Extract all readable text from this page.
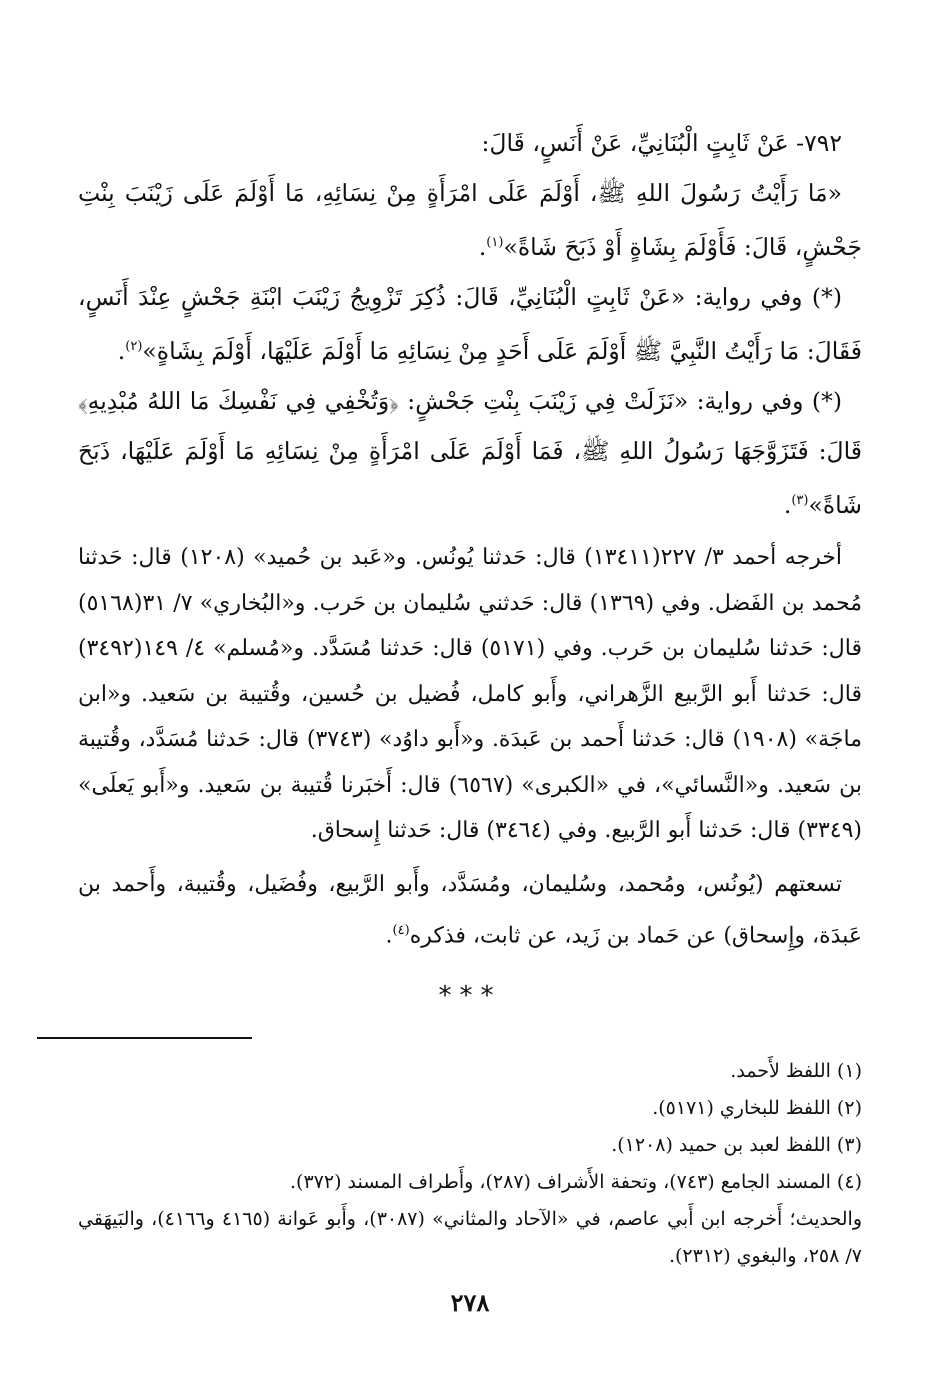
٧٩٢- عَنْ ثَابِتٍ الْبُنَانِيِّ، عَنْ أَنَسٍ، قَالَ:

«مَا رَأَيْتُ رَسُولَ اللهِ ﷺ، أَوْلَمَ عَلَى امْرَأَةٍ مِنْ نِسَائِهِ، مَا أَوْلَمَ عَلَى زَيْنَبَ بِنْتِ جَحْشٍ، قَالَ: فَأَوْلَمَ بِشَاةٍ أَوْ ذَبَحَ شَاةً»$^{(١)}$.

(*) وفي رواية: «عَنْ ثَابِتٍ الْبُنَانِيِّ، قَالَ: ذُكِرَ تَزْوِيجُ زَيْنَبَ ابْنَةِ جَحْشٍ عِنْدَ أَنَسٍ، فَقَالَ: مَا رَأَيْتُ النَّبِيَّ ﷺ أَوْلَمَ عَلَى أَحَدٍ مِنْ نِسَائِهِ مَا أَوْلَمَ عَلَيْهَا، أَوْلَمَ بِشَاةٍ»$^{(٢)}$.

(*) وفي رواية: «نَزَلَتْ فِي زَيْنَبَ بِنْتِ جَحْشٍ: ﴿وَتُخْفِي فِي نَفْسِكَ مَا اللهُ مُبْدِيهِ﴾ قَالَ: فَتَزَوَّجَهَا رَسُولُ اللهِ ﷺ، فَمَا أَوْلَمَ عَلَى امْرَأَةٍ مِنْ نِسَائِهِ مَا أَوْلَمَ عَلَيْهَا، ذَبَحَ شَاةً»$^{(٣)}$.

أخرجه أحمد ٣/ ٢٢٧(١٣٤١١) قال: حَدثنا يُونُس. و«عَبد بن حُميد» (١٢٠٨) قال: حَدثنا مُحمد بن الفَضل. وفي (١٣٦٩) قال: حَدثني سُليمان بن حَرب. و«البُخاري» ٧/ ٣١(٥١٦٨) قال: حَدثنا سُليمان بن حَرب. وفي (٥١٧١) قال: حَدثنا مُسَدَّد. و«مُسلم» ٤/ ١٤٩(٣٤٩٢) قال: حَدثنا أَبو الرَّبيع الزَّهراني، وأَبو كامل، فُضيل بن حُسين، وقُتيبة بن سَعيد. و«ابن ماجَة» (١٩٠٨) قال: حَدثنا أَحمد بن عَبدَة. و«أَبو داوُد» (٣٧٤٣) قال: حَدثنا مُسَدَّد، وقُتيبة بن سَعيد. و«النَّسائي»، في «الكبرى» (٦٥٦٧) قال: أَخبَرنا قُتيبة بن سَعيد. و«أَبو يَعلَى» (٣٣٤٩) قال: حَدثنا أَبو الرَّبيع. وفي (٣٤٦٤) قال: حَدثنا إِسحاق.

تسعتهم (يُونُس، ومُحمد، وسُليمان، ومُسَدَّد، وأَبو الرَّبيع، وفُضَيل، وقُتيبة، وأَحمد بن عَبدَة، وإِسحاق) عن حَماد بن زَيد، عن ثابت، فذكره$^{(٤)}$.

***
(١) اللفظ لأَحمد.
(٢) اللفظ للبخاري (٥١٧١).
(٣) اللفظ لعبد بن حميد (١٢٠٨).
(٤) المسند الجامع (٧٤٣)، وتحفة الأَشراف (٢٨٧)، وأَطراف المسند (٣٧٢).

والحديث؛ أَخرجه ابن أَبي عاصم، في «الآحاد والمثاني» (٣٠٨٧)، وأَبو عَوانة (٤١٦٥ و٤١٦٦)، والبَيهَقي ٧/ ٢٥٨، والبغوي (٢٣١٢).

٢٧٨
